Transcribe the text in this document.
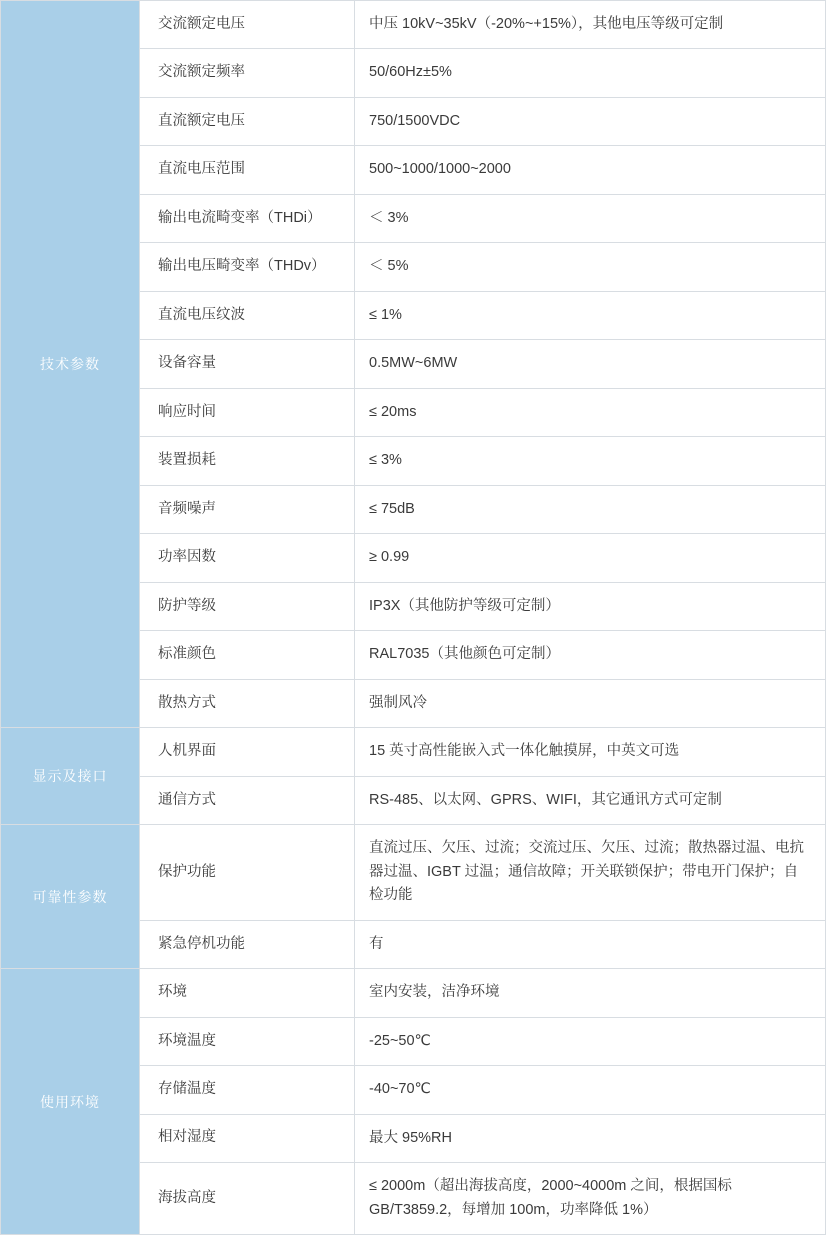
技术参数	交流额定电压	中压 10kV~35kV（-20%~+15%），其他电压等级可定制
	交流额定频率	50/60Hz±5%
	直流额定电压	750/1500VDC
	直流电压范围	500~1000/1000~2000
	输出电流畸变率（THDi）	＜ 3%
	输出电压畸变率（THDv）	＜ 5%
	直流电压纹波	≤ 1%
	设备容量	0.5MW~6MW
	响应时间	≤ 20ms
	装置损耗	≤ 3%
	音频噪声	≤ 75dB
	功率因数	≥ 0.99
	防护等级	IP3X（其他防护等级可定制）
	标准颜色	RAL7035（其他颜色可定制）
	散热方式	强制风冷
显示及接口	人机界面	15 英寸高性能嵌入式一体化触摸屏，中英文可选
	通信方式	RS-485、以太网、GPRS、WIFI，其它通讯方式可定制
可靠性参数	保护功能	直流过压、欠压、过流；交流过压、欠压、过流；散热器过温、电抗器过温、IGBT 过温；通信故障；开关联锁保护；带电开门保护；自检功能
	紧急停机功能	有
使用环境	环境	室内安装，洁净环境
	环境温度	-25~50℃
	存储温度	-40~70℃
	相对湿度	最大 95%RH
	海拔高度	≤ 2000m（超出海拔高度，2000~4000m 之间，根据国标 GB/T3859.2，每增加 100m，功率降低 1%）
